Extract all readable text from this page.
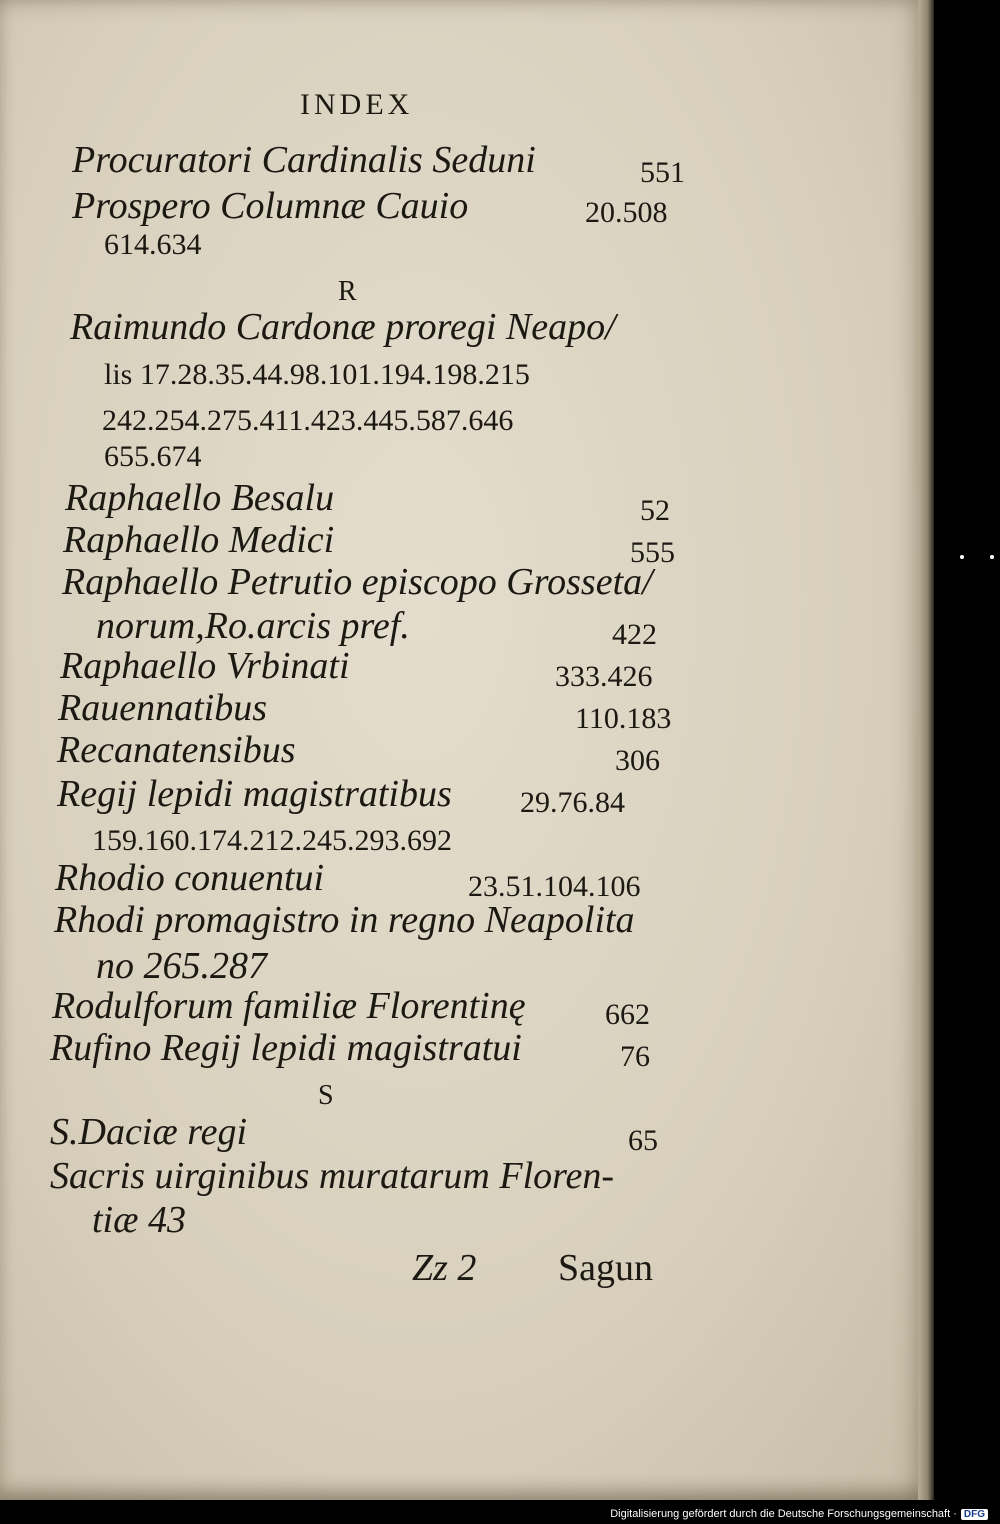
INDEX
Procuratori Cardinalis Seduni	551
Prospero Columnæ Cauio	20.508
614.634
R
Raimundo Cardonæ proregi Neapo/
lis 17.28.35.44.98.101.194.198.215
242.254.275.411.423.445.587.646
655.674
Raphaello Besalu	52
Raphaello Medici	555
Raphaello Petrutio episcopo Grosseta/
norum,Ro.arcis pref.	422
Raphaello Vrbinati	333.426
Rauennatibus	110.183
Recanatensibus	306
Regij lepidi magistratibus 29.76.84
159.160.174.212.245.293.692
Rhodio conuentui	23.51.104.106
Rhodi promagistro in regno Neapolita
no 265.287
Rodulforum familiæ Florentinę	662
Rufino Regij lepidi magistratui	76
S
S.Daciæ regi	65
Sacris uirginibus muratarum Floren-
tiæ 43
Zz 2 Sagun
Digitalisierung gefördert durch die Deutsche Forschungsgemeinschaft · DFG
